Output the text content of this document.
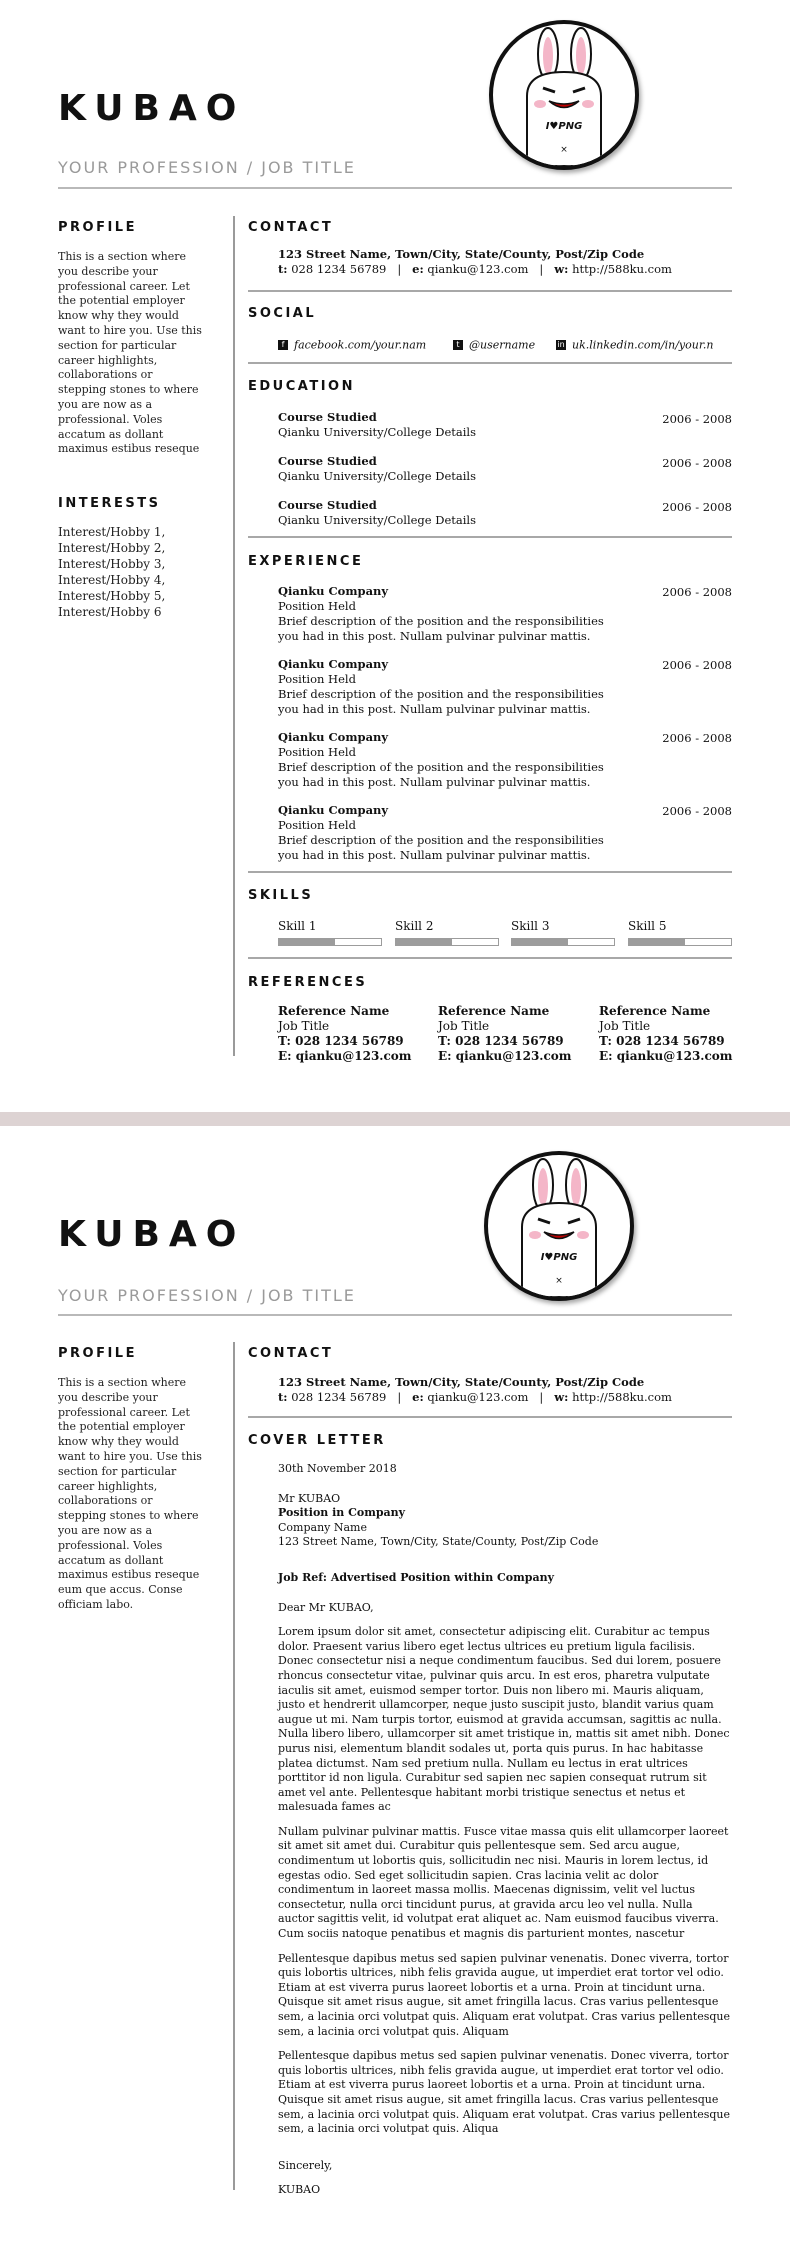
KUBAO
YOUR PROFESSION / JOB TITLE
I♥PNG
×
PROFILE
This is a section where you describe your professional career. Let the potential employer know why they would want to hire you. Use this section for particular career highlights, collaborations or stepping stones to where you are now as a professional. Voles accatum as dollant maximus estibus reseque
INTERESTS
Interest/Hobby 1,
Interest/Hobby 2,
Interest/Hobby 3,
Interest/Hobby 4,
Interest/Hobby 5,
Interest/Hobby 6
CONTACT
123 Street Name, Town/City, State/County, Post/Zip Code
t: 028 1234 56789 | e: qianku@123.com | w: http://588ku.com
SOCIAL
f facebook.com/your.nam	t @username	in uk.linkedin.com/in/your.n
EDUCATION
Course Studied	2006 - 2008
Qianku University/College Details
Course Studied	2006 - 2008
Qianku University/College Details
Course Studied	2006 - 2008
Qianku University/College Details
EXPERIENCE
Qianku Company	2006 - 2008
Position Held
Brief description of the position and the responsibilities
you had in this post. Nullam pulvinar pulvinar mattis.
Qianku Company	2006 - 2008
Position Held
Brief description of the position and the responsibilities
you had in this post. Nullam pulvinar pulvinar mattis.
Qianku Company	2006 - 2008
Position Held
Brief description of the position and the responsibilities
you had in this post. Nullam pulvinar pulvinar mattis.
Qianku Company	2006 - 2008
Position Held
Brief description of the position and the responsibilities
you had in this post. Nullam pulvinar pulvinar mattis.
SKILLS
Skill 1	Skill 2	Skill 3	Skill 5
REFERENCES
Reference Name
Job Title
T: 028 1234 56789
E: qianku@123.com
Reference Name
Job Title
T: 028 1234 56789
E: qianku@123.com
Reference Name
Job Title
T: 028 1234 56789
E: qianku@123.com
KUBAO
YOUR PROFESSION / JOB TITLE
I♥PNG
×
PROFILE
This is a section where you describe your professional career. Let the potential employer know why they would want to hire you. Use this section for particular career highlights, collaborations or stepping stones to where you are now as a professional. Voles accatum as dollant maximus estibus reseque eum que accus. Conse officiam labo.
CONTACT
123 Street Name, Town/City, State/County, Post/Zip Code
t: 028 1234 56789 | e: qianku@123.com | w: http://588ku.com
COVER LETTER

30th November 2018

Mr KUBAO

Position in Company

Company Name

123 Street Name, Town/City, State/County, Post/Zip Code

Job Ref: Advertised Position within Company

Dear Mr KUBAO,

Lorem ipsum dolor sit amet, consectetur adipiscing elit. Curabitur ac tempus dolor. Praesent varius libero eget lectus ultrices eu pretium ligula facilisis. Donec consectetur nisi a neque condimentum faucibus. Sed dui lorem, posuere rhoncus consectetur vitae, pulvinar quis arcu. In est eros, pharetra vulputate iaculis sit amet, euismod semper tortor. Duis non libero mi. Mauris aliquam, justo et hendrerit ullamcorper, neque justo suscipit justo, blandit varius quam augue ut mi. Nam turpis tortor, euismod at gravida accumsan, sagittis ac nulla. Nulla libero libero, ullamcorper sit amet tristique in, mattis sit amet nibh. Donec purus nisi, elementum blandit sodales ut, porta quis purus. In hac habitasse platea dictumst. Nam sed pretium nulla. Nullam eu lectus in erat ultrices porttitor id non ligula. Curabitur sed sapien nec sapien consequat rutrum sit amet vel ante. Pellentesque habitant morbi tristique senectus et netus et malesuada fames ac

Nullam pulvinar pulvinar mattis. Fusce vitae massa quis elit ullamcorper laoreet sit amet sit amet dui. Curabitur quis pellentesque sem. Sed arcu augue, condimentum ut lobortis quis, sollicitudin nec nisi. Mauris in lorem lectus, id egestas odio. Sed eget sollicitudin sapien. Cras lacinia velit ac dolor condimentum in laoreet massa mollis. Maecenas dignissim, velit vel luctus consectetur, nulla orci tincidunt purus, at gravida arcu leo vel nulla. Nulla auctor sagittis velit, id volutpat erat aliquet ac. Nam euismod faucibus viverra. Cum sociis natoque penatibus et magnis dis parturient montes, nascetur

Pellentesque dapibus metus sed sapien pulvinar venenatis. Donec viverra, tortor quis lobortis ultrices, nibh felis gravida augue, ut imperdiet erat tortor vel odio. Etiam at est viverra purus laoreet lobortis et a urna. Proin at tincidunt urna. Quisque sit amet risus augue, sit amet fringilla lacus. Cras varius pellentesque sem, a lacinia orci volutpat quis. Aliquam erat volutpat. Cras varius pellentesque sem, a lacinia orci volutpat quis. Aliquam

Pellentesque dapibus metus sed sapien pulvinar venenatis. Donec viverra, tortor quis lobortis ultrices, nibh felis gravida augue, ut imperdiet erat tortor vel odio. Etiam at est viverra purus laoreet lobortis et a urna. Proin at tincidunt urna. Quisque sit amet risus augue, sit amet fringilla lacus. Cras varius pellentesque sem, a lacinia orci volutpat quis. Aliquam erat volutpat. Cras varius pellentesque sem, a lacinia orci volutpat quis. Aliqua

Sincerely,

KUBAO
